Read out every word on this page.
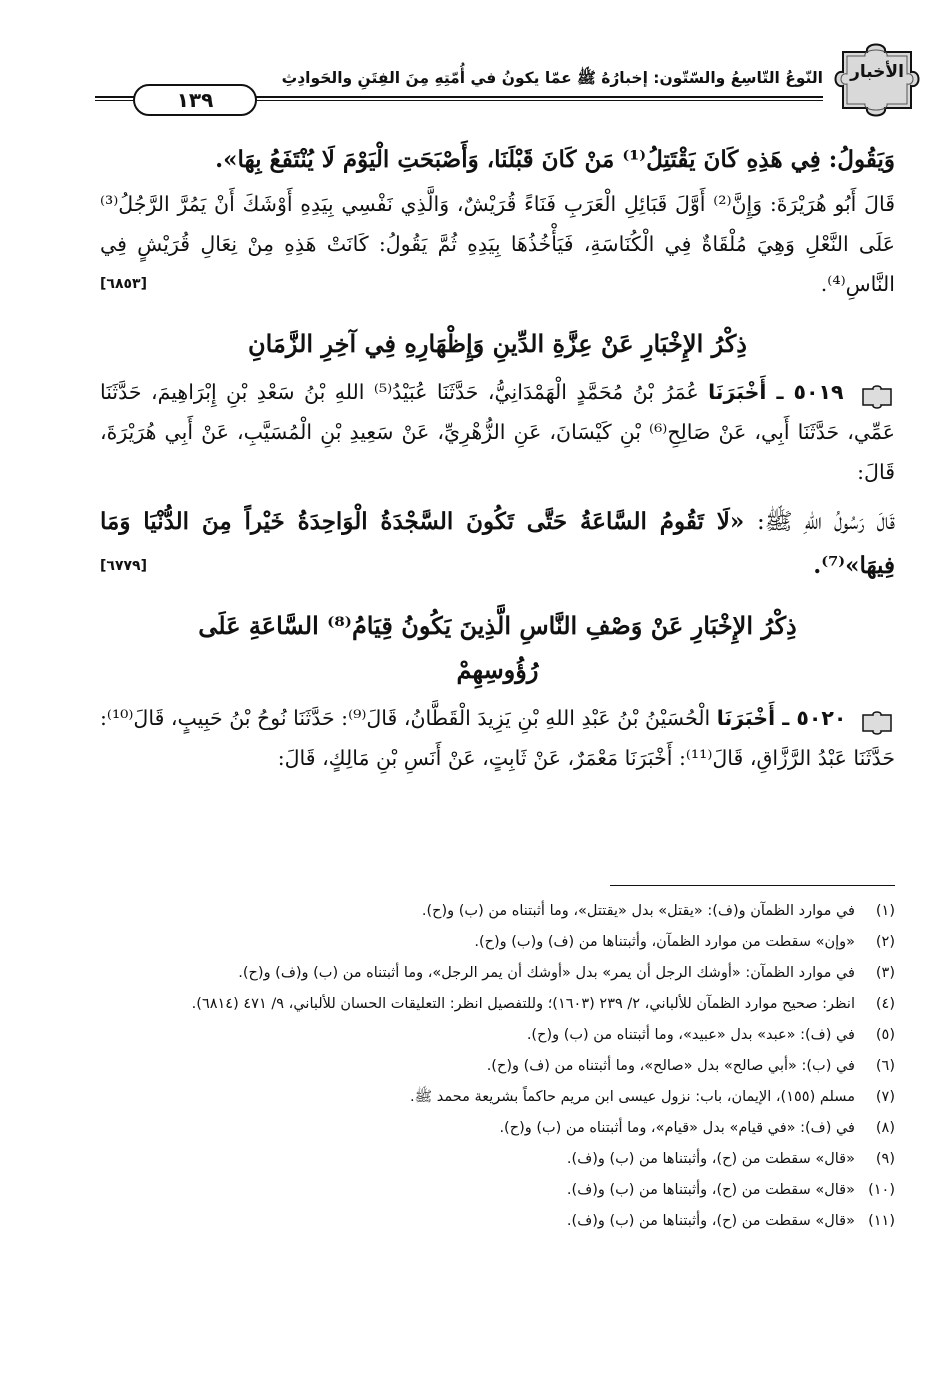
الأخبار
النّوعُ التّاسِعُ والسّتّون: إخبارُهُ ﷺ عمّا يكونُ في أُمّتِهِ مِنَ الفِتَنِ والحَوادِثِ
١٣٩

وَيَقُولُ: فِي هَذِهِ كَانَ يَقْتَتِلُ⁽¹⁾ مَنْ كَانَ قَبْلَنَا، وَأَصْبَحَتِ الْيَوْمَ لَا يُنْتَفَعُ بِهَا».

قَالَ أَبُو هُرَيْرَةَ: وَإِنَّ⁽²⁾ أَوَّلَ قَبَائِلِ الْعَرَبِ فَنَاءً قُرَيْشٌ، وَالَّذِي نَفْسِي بِيَدِهِ أَوْشَكَ أَنْ يَمُرَّ الرَّجُلُ⁽³⁾ عَلَى النَّعْلِ وَهِيَ مُلْقَاةٌ فِي الْكُنَاسَةِ، فَيَأْخُذُهَا بِيَدِهِ ثُمَّ يَقُولُ: كَانَتْ هَذِهِ مِنْ نِعَالِ قُرَيْشٍ فِي النَّاسِ⁽⁴⁾.
[٦٨٥٣]

ذِكْرُ الإِخْبَارِ عَنْ عِزَّةِ الدِّينِ وَإِظْهَارِهِ فِي آخِرِ الزَّمَانِ

٥٠١٩ ـ أَخْبَرَنَا عُمَرُ بْنُ مُحَمَّدٍ الْهَمْدَانِيُّ، حَدَّثَنَا عُبَيْدُ⁽⁵⁾ اللهِ بْنُ سَعْدِ بْنِ إِبْرَاهِيمَ، حَدَّثَنَا عَمِّي، حَدَّثَنَا أَبِي، عَنْ صَالِحِ⁽⁶⁾ بْنِ كَيْسَانَ، عَنِ الزُّهْرِيِّ، عَنْ سَعِيدِ بْنِ الْمُسَيَّبِ، عَنْ أَبِي هُرَيْرَةَ، قَالَ:

قَالَ رَسُولُ اللهِ ﷺ: «لَا تَقُومُ السَّاعَةُ حَتَّى تَكُونَ السَّجْدَةُ الْوَاحِدَةُ خَيْراً مِنَ الدُّنْيَا وَمَا فِيهَا»⁽⁷⁾.
[٦٧٧٩]

ذِكْرُ الإِخْبَارِ عَنْ وَصْفِ النَّاسِ الَّذِينَ يَكُونُ قِيَامُ⁽⁸⁾ السَّاعَةِ عَلَى رُؤُوسِهِمْ

٥٠٢٠ ـ أَخْبَرَنَا الْحُسَيْنُ بْنُ عَبْدِ اللهِ بْنِ يَزِيدَ الْقَطَّانُ، قَالَ⁽⁹⁾: حَدَّثَنَا نُوحُ بْنُ حَبِيبٍ، قَالَ⁽¹⁰⁾: حَدَّثَنَا عَبْدُ الرَّزَّاقِ، قَالَ⁽¹¹⁾: أَخْبَرَنَا مَعْمَرٌ، عَنْ ثَابِتٍ، عَنْ أَنَسِ بْنِ مَالِكٍ، قَالَ:

(١)في موارد الظمآن و(ف): «يقتل» بدل «يقتتل»، وما أثبتناه من (ب) و(ح).

(٢)«وإن» سقطت من موارد الظمآن، وأثبتناها من (ف) و(ب) و(ح).

(٣)في موارد الظمآن: «أوشك الرجل أن يمر» بدل «أوشك أن يمر الرجل»، وما أثبتناه من (ب) و(ف) و(ح).

(٤)انظر: صحيح موارد الظمآن للألباني، ٢/ ٢٣٩ (١٦٠٣)؛ وللتفصيل انظر: التعليقات الحسان للألباني، ٩/ ٤٧١ (٦٨١٤).

(٥)في (ف): «عبد» بدل «عبيد»، وما أثبتناه من (ب) و(ح).

(٦)في (ب): «أبي صالح» بدل «صالح»، وما أثبتناه من (ف) و(ح).

(٧)مسلم (١٥٥)، الإيمان، باب: نزول عيسى ابن مريم حاكماً بشريعة محمد ﷺ.

(٨)في (ف): «في قيام» بدل «قيام»، وما أثبتناه من (ب) و(ح).

(٩)«قال» سقطت من (ح)، وأثبتناها من (ب) و(ف).

(١٠)«قال» سقطت من (ح)، وأثبتناها من (ب) و(ف).

(١١)«قال» سقطت من (ح)، وأثبتناها من (ب) و(ف).
